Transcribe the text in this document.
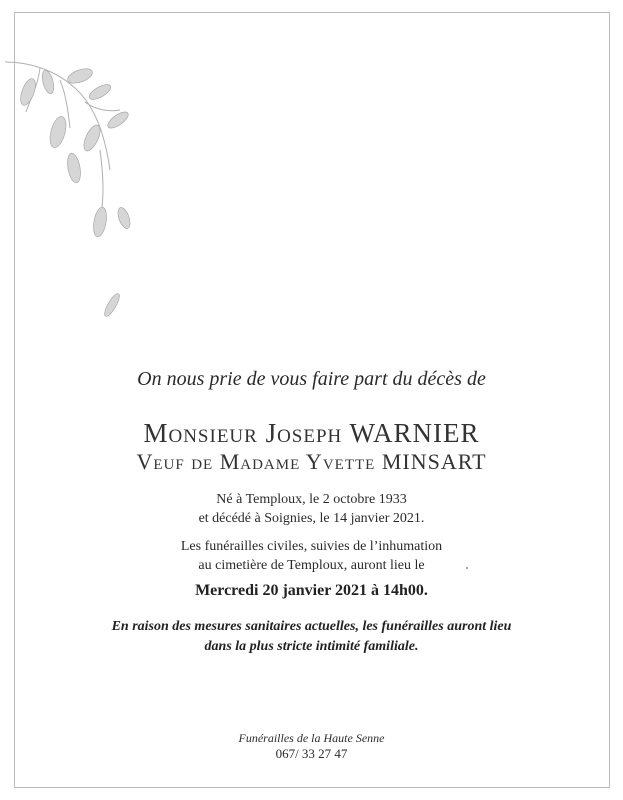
On nous prie de vous faire part du décès de
Monsieur Joseph WARNIER
Veuf de Madame Yvette MINSART
Né à Temploux, le 2 octobre 1933
et décédé à Soignies, le 14 janvier 2021.
Les funérailles civiles, suivies de l’inhumation
au cimetière de Temploux, auront lieu le
Mercredi 20 janvier 2021 à 14h00.
En raison des mesures sanitaires actuelles, les funérailles auront lieu
dans la plus stricte intimité familiale.
Funérailles de la Haute Senne
067/ 33 27 47
